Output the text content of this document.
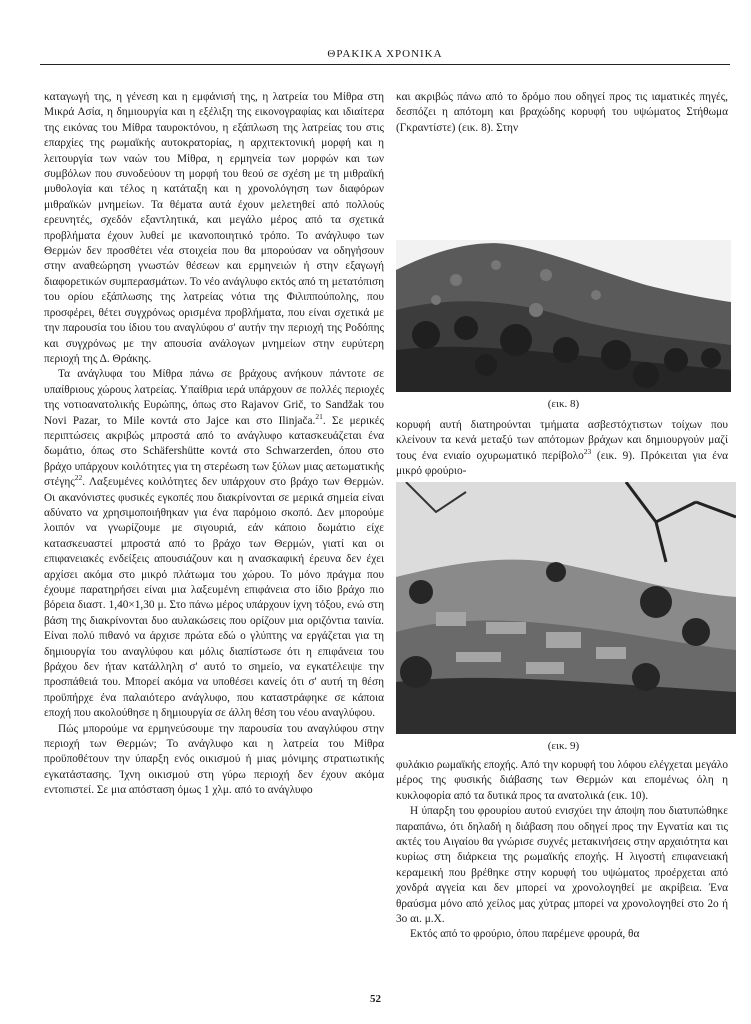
ΘΡΑΚΙΚΑ ΧΡΟΝΙΚΑ

καταγωγή της, η γένεση και η εμφάνισή της, η λατρεία του Μίθρα στη Μικρά Ασία, η δημιουργία και η εξέλιξη της εικονογραφίας και ιδιαίτερα της εικόνας του Μίθρα ταυροκτόνου, η εξάπλωση της λατρείας του στις επαρχίες της ρωμαϊκής αυτοκρατορίας, η αρχιτεκτονική μορφή και η λειτουργία των ναών του Μίθρα, η ερμηνεία των μορφών και των συμβόλων που συνοδεύουν τη μορφή του θεού σε σχέση με τη μιθραϊκή μυθολογία και τέλος η κατάταξη και η χρονολόγηση των διαφόρων μιθραϊκών μνημείων. Τα θέματα αυτά έχουν μελετηθεί από πολλούς ερευνητές, σχεδόν εξαντλητικά, και μεγάλο μέρος από τα σχετικά προβλήματα έχουν λυθεί με ικανοποιητικό τρόπο. Το ανάγλυφο των Θερμών δεν προσθέτει νέα στοιχεία που θα μπορούσαν να οδηγήσουν στην αναθεώρηση γνωστών θέσεων και ερμηνειών ή στην εξαγωγή διαφορετικών συμπερασμάτων. Το νέο ανάγλυφο εκτός από τη μετατόπιση του ορίου εξάπλωσης της λατρείας νότια της Φιλιππούπολης, που προσφέρει, θέτει συγχρόνως ορισμένα προβλήματα, που είναι σχετικά με την παρουσία του ίδιου του αναγλύφου σ' αυτήν την περιοχή της Ροδόπης και συγχρόνως με την απουσία ανάλογων μνημείων στην ευρύτερη περιοχή της Δ. Θράκης.

Τα ανάγλυφα του Μίθρα πάνω σε βράχους ανήκουν πάντοτε σε υπαίθριους χώρους λατρείας. Υπαίθρια ιερά υπάρχουν σε πολλές περιοχές της νοτιοανατολικής Ευρώπης, όπως στο Rajavov Grič, το Sandžak του Novi Pazar, το Mile κοντά στο Jajce και στο Ilinjača.$^{21}$. Σε μερικές περιπτώσεις ακριβώς μπροστά από το ανάγλυφο κατασκευάζεται ένα δωμάτιο, όπως στο Schäfershütte κοντά στο Schwarzerden, όπου στο βράχο υπάρχουν κοιλότητες για τη στερέωση των ξύλων μιας αετωματικής στέγης$^{22}$. Λαξευμένες κοιλότητες δεν υπάρχουν στο βράχο των Θερμών. Οι ακανόνιστες φυσικές εγκοπές που διακρίνονται σε μερικά σημεία είναι αδύνατο να χρησιμοποιήθηκαν για ένα παρόμοιο σκοπό. Δεν μπορούμε λοιπόν να γνωρίζουμε με σιγουριά, εάν κάποιο δωμάτιο είχε κατασκευαστεί μπροστά από το βράχο των Θερμών, γιατί και οι επιφανειακές ενδείξεις απουσιάζουν και η ανασκαφική έρευνα δεν έχει αρχίσει ακόμα στο μικρό πλάτωμα του χώρου. Το μόνο πράγμα που έχουμε παρατηρήσει είναι μια λαξευμένη επιφάνεια στο ίδιο βράχο πιο βόρεια διαστ. 1,40×1,30 μ. Στο πάνω μέρος υπάρχουν ίχνη τόξου, ενώ στη βάση της διακρίνονται δυο αυλακώσεις που ορίζουν μια οριζόντια ταινία. Είναι πολύ πιθανό να άρχισε πρώτα εδώ ο γλύπτης να εργάζεται για τη δημιουργία του αναγλύφου και μόλις διαπίστωσε ότι η επιφάνεια του βράχου δεν ήταν κατάλληλη σ' αυτό το σημείο, να εγκατέλειψε την προσπάθειά του. Μπορεί ακόμα να υποθέσει κανείς ότι σ' αυτή τη θέση προϋπήρχε ένα παλαιότερο ανάγλυφο, που καταστράφηκε σε κάποια εποχή που ακολούθησε η δημιουργία σε άλλη θέση του νέου αναγλύφου.

Πώς μπορούμε να ερμηνεύσουμε την παρουσία του αναγλύφου στην περιοχή των Θερμών; Το ανάγλυφο και η λατρεία του Μίθρα προϋποθέτουν την ύπαρξη ενός οικισμού ή μιας μόνιμης στρατιωτικής εγκατάστασης. Ίχνη οικισμού στη γύρω περιοχή δεν έχουν ακόμα εντοπιστεί. Σε μια απόσταση όμως 1 χλμ. από το ανάγλυφο

και ακριβώς πάνω από το δρόμο που οδηγεί προς τις ιαματικές πηγές, δεσπόζει η απότομη και βραχώδης κορυφή του υψώματος Στήθωμα (Γκραντίστε) (εικ. 8). Στην

(εικ. 8)

κορυφή αυτή διατηρούνται τμήματα ασβεστόχτιστων τοίχων που κλείνουν τα κενά μεταξύ των απότομων βράχων και δημιουργούν μαζί τους ένα ενιαίο οχυρωματικό περίβολο$^{23}$ (εικ. 9). Πρόκειται για ένα μικρό φρούριο-

(εικ. 9)

φυλάκιο ρωμαϊκής εποχής. Από την κορυφή του λόφου ελέγχεται μεγάλο μέρος της φυσικής διάβασης των Θερμών και επομένως όλη η κυκλοφορία από τα δυτικά προς τα ανατολικά (εικ. 10).

Η ύπαρξη του φρουρίου αυτού ενισχύει την άποψη που διατυπώθηκε παραπάνω, ότι δηλαδή η διάβαση που οδηγεί προς την Εγνατία και τις ακτές του Αιγαίου θα γνώρισε συχνές μετακινήσεις στην αρχαιότητα και κυρίως στη διάρκεια της ρωμαϊκής εποχής. Η λιγοστή επιφανειακή κεραμεική που βρέθηκε στην κορυφή του υψώματος προέρχεται από χονδρά αγγεία και δεν μπορεί να χρονολογηθεί με ακρίβεια. Ένα θραύσμα μόνο από χείλος μας χύτρας μπορεί να χρονολογηθεί στο 2ο ή 3ο αι. μ.Χ.

Εκτός από το φρούριο, όπου παρέμενε φρουρά, θα

52
